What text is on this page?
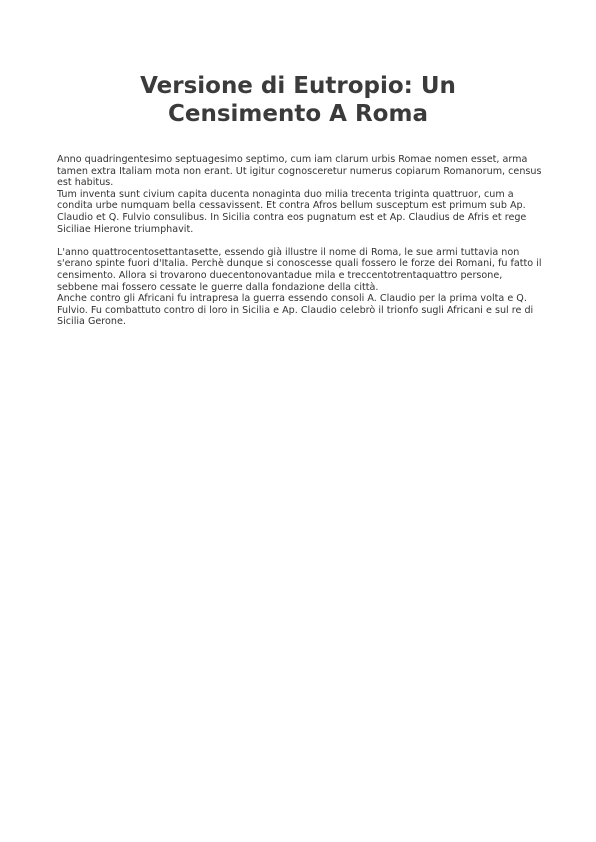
Versione di Eutropio: Un
Censimento A Roma

Anno quadringentesimo septuagesimo septimo, cum iam clarum urbis Romae nomen esset, arma tamen extra Italiam mota non erant. Ut igitur cognosceretur numerus copiarum Romanorum, census est habitus.

Tum inventa sunt civium capita ducenta nonaginta duo milia trecenta triginta quattruor, cum a condita urbe numquam bella cessavissent. Et contra Afros bellum susceptum est primum sub Ap. Claudio et Q. Fulvio consulibus. In Sicilia contra eos pugnatum est et Ap. Claudius de Afris et rege Siciliae Hierone triumphavit.

L'anno quattrocentosettantasette, essendo già illustre il nome di Roma, le sue armi tuttavia non s'erano spinte fuori d'Italia. Perchè dunque si conoscesse quali fossero le forze dei Romani, fu fatto il censimento. Allora si trovarono duecentonovantadue mila e treccentotrentaquattro persone, sebbene mai fossero cessate le guerre dalla fondazione della città.

Anche contro gli Africani fu intrapresa la guerra essendo consoli A. Claudio per la prima volta e Q. Fulvio. Fu combattuto contro di loro in Sicilia e Ap. Claudio celebrò il trionfo sugli Africani e sul re di Sicilia Gerone.
